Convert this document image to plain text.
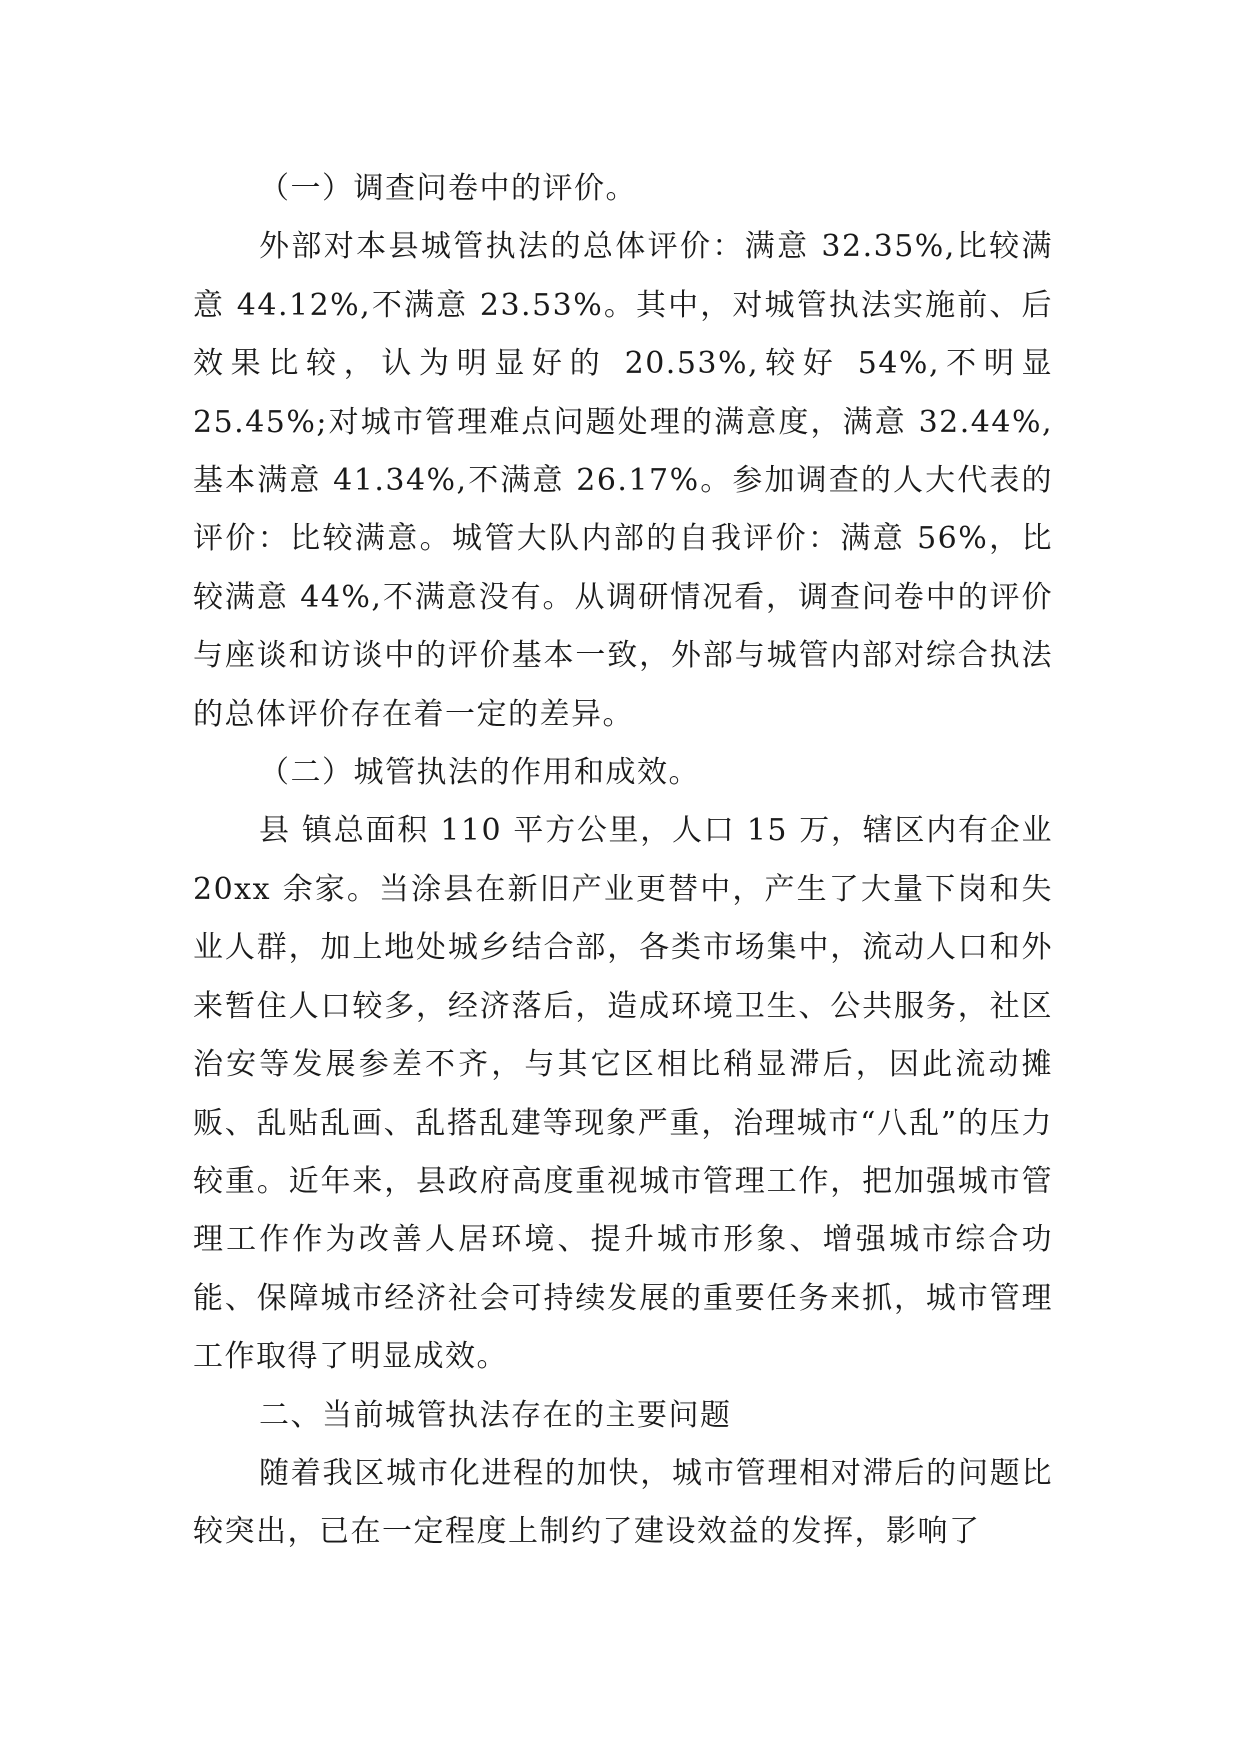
（一）调查问卷中的评价。

外部对本县城管执法的总体评价：满意 32.35%,比较满意 44.12%,不满意 23.53%。其中，对城管执法实施前、后效果比较，认为明显好的 20.53%,较好 54%,不明显 25.45%;对城市管理难点问题处理的满意度，满意 32.44%,基本满意 41.34%,不满意 26.17%。参加调查的人大代表的评价：比较满意。城管大队内部的自我评价：满意 56%，比较满意 44%,不满意没有。从调研情况看，调查问卷中的评价与座谈和访谈中的评价基本一致，外部与城管内部对综合执法的总体评价存在着一定的差异。

（二）城管执法的作用和成效。

县 镇总面积 110 平方公里，人口 15 万，辖区内有企业 20xx 余家。当涂县在新旧产业更替中，产生了大量下岗和失业人群，加上地处城乡结合部，各类市场集中，流动人口和外来暂住人口较多，经济落后，造成环境卫生、公共服务，社区治安等发展参差不齐，与其它区相比稍显滞后，因此流动摊贩、乱贴乱画、乱搭乱建等现象严重，治理城市“八乱”的压力较重。近年来，县政府高度重视城市管理工作，把加强城市管理工作作为改善人居环境、提升城市形象、增强城市综合功能、保障城市经济社会可持续发展的重要任务来抓，城市管理工作取得了明显成效。

二、当前城管执法存在的主要问题

随着我区城市化进程的加快，城市管理相对滞后的问题比较突出，已在一定程度上制约了建设效益的发挥，影响了
